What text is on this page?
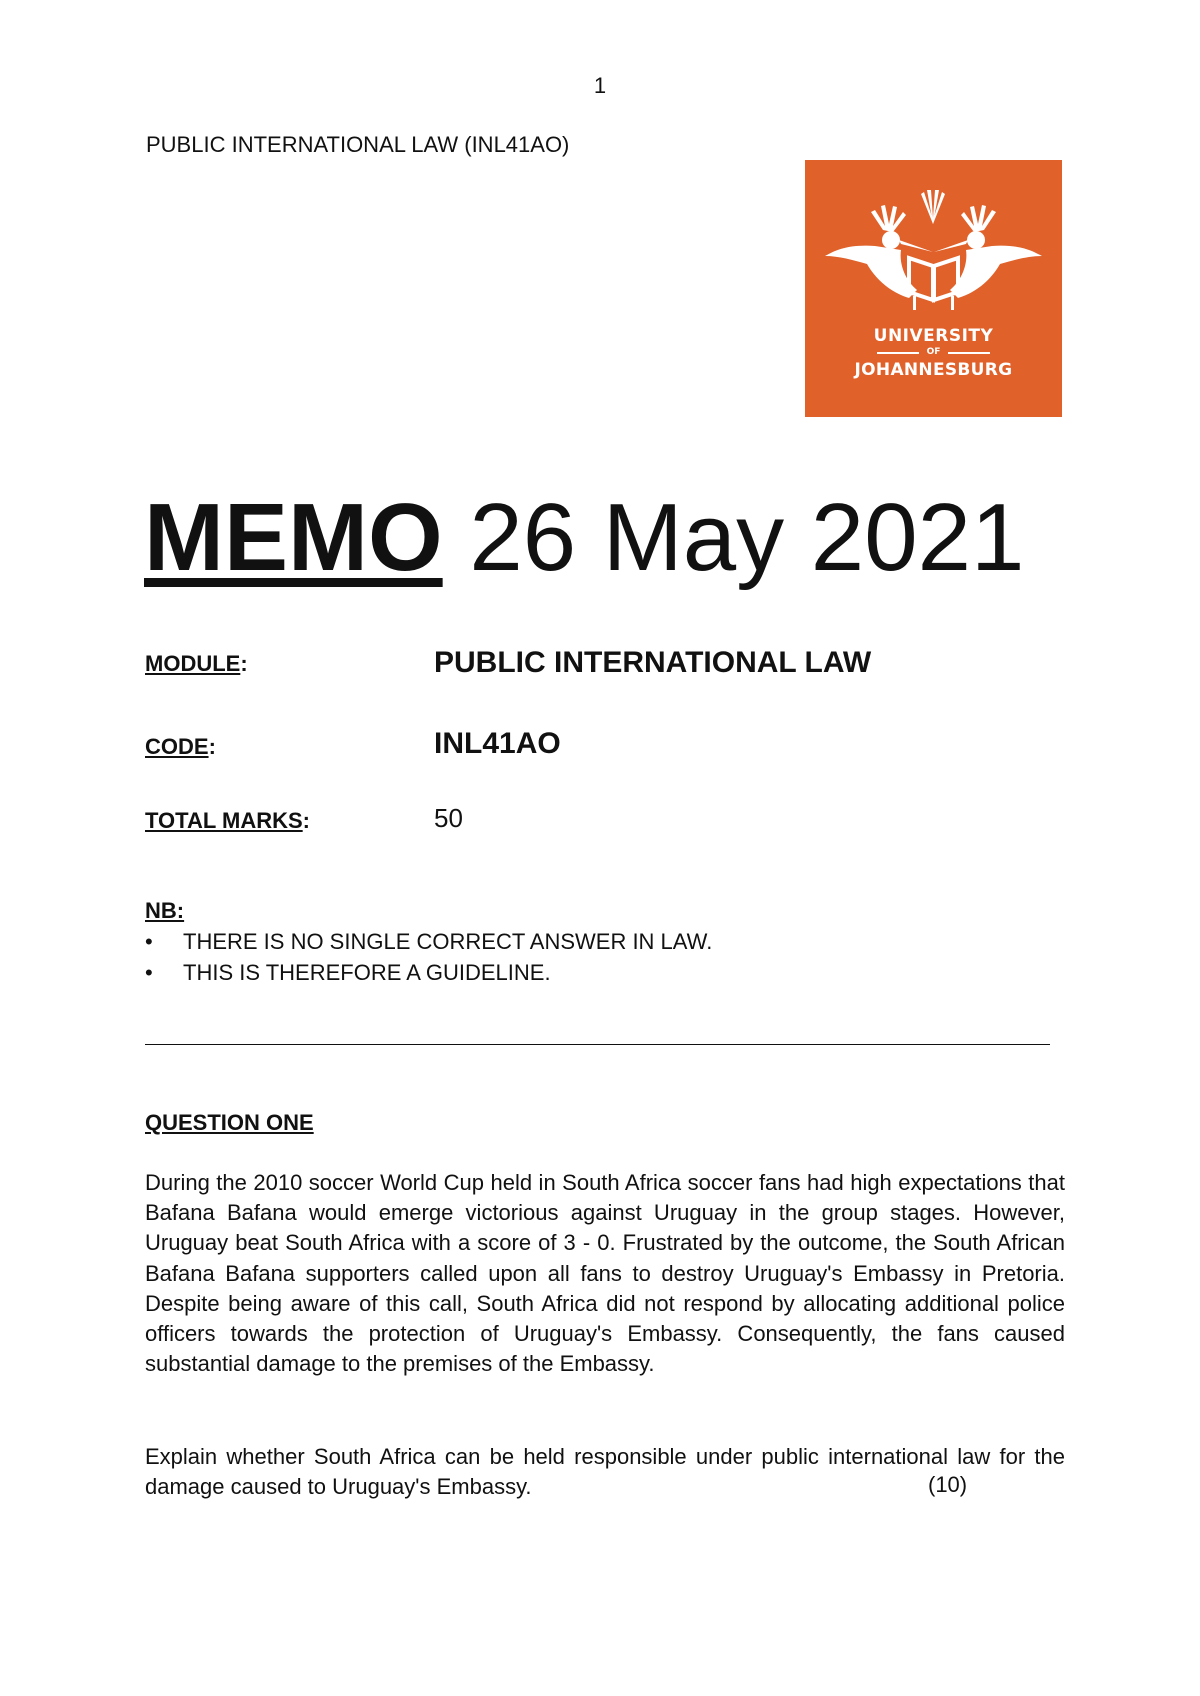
1
PUBLIC INTERNATIONAL LAW (INL41AO)
UNIVERSITY
OF
JOHANNESBURG
MEMO 26 May 2021
MODULE:	PUBLIC INTERNATIONAL LAW
CODE:	INL41AO
TOTAL MARKS:	50
NB:
• THERE IS NO SINGLE CORRECT ANSWER IN LAW.
• THIS IS THEREFORE A GUIDELINE.
QUESTION ONE

During the 2010 soccer World Cup held in South Africa soccer fans had high expectations that Bafana Bafana would emerge victorious against Uruguay in the group stages. However, Uruguay beat South Africa with a score of 3 - 0. Frustrated by the outcome, the South African Bafana Bafana supporters called upon all fans to destroy Uruguay's Embassy in Pretoria. Despite being aware of this call, South Africa did not respond by allocating additional police officers towards the protection of Uruguay's Embassy. Consequently, the fans caused substantial damage to the premises of the Embassy.

Explain whether South Africa can be held responsible under public international law for the damage caused to Uruguay's Embassy.	(10)
